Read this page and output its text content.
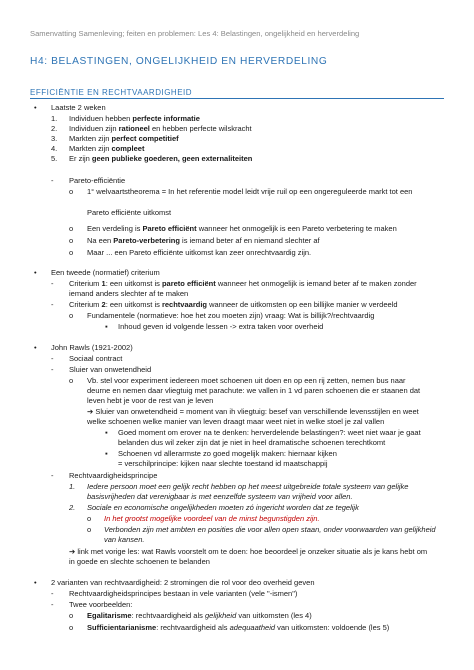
Samenvatting Samenleving; feiten en problemen: Les 4: Belastingen, ongelijkheid en herverdeling
H4: BELASTINGEN, ONGELIJKHEID EN HERVERDELING
EFFICIËNTIE EN RECHTVAARDIGHEID
• Laatste 2 weken
1. Individuen hebben perfecte informatie
2. Individuen zijn rationeel en hebben perfecte wilskracht
3. Markten zijn perfect competitief
4. Markten zijn compleet
5. Er zijn geen publieke goederen, geen externaliteiten
- Pareto-efficiëntie
o 1° welvaartstheorema = In het referentie model leidt vrije ruil op een ongereguleerde markt tot een
Pareto efficiënte uitkomst
o Een verdeling is Pareto efficiënt wanneer het onmogelijk is een Pareto verbetering te maken
o Na een Pareto-verbetering is iemand beter af en niemand slechter af
o Maar ... een Pareto efficiënte uitkomst kan zeer onrechtvaardig zijn.
• Een tweede (normatief) criterium
- Criterium 1: een uitkomst is pareto efficiënt wanneer het onmogelijk is iemand beter af te maken zonder
iemand anders slechter af te maken
- Criterium 2: een uitkomst is rechtvaardig wanneer de uitkomsten op een billijke manier w verdeeld
o Fundamentele (normatieve: hoe het zou moeten zijn) vraag: Wat is billijk?/rechtvaardig
▪ Inhoud geven id volgende lessen -> extra taken voor overheid
• John Rawls (1921-2002)
- Sociaal contract
- Sluier van onwetendheid
o Vb. stel voor experiment iedereen moet schoenen uit doen en op een rij zetten, nemen bus naar
deurne en nemen daar vliegtuig met parachute: we vallen in 1 vd paren schoenen die er staanen dat
leven hebt je voor de rest van je leven
➔ Sluier van onwetendheid = moment van ih vliegtuig: besef van verschillende levensstijlen en weet
welke schoenen welke manier van leven draagt maar weet niet in welke stoel je zal vallen
▪ Goed moment om erover na te denken: herverdelende belastingen?: weet niet waar je gaat
belanden dus wil zeker zijn dat je niet in heel dramatische schoenen terechtkomt
▪ Schoenen vd allerarmste zo goed mogelijk maken: hiernaar kijken
= verschilprincipe: kijken naar slechte toestand id maatschappij
- Rechtvaardigheidsprincipe
1. Iedere persoon moet een gelijk recht hebben op het meest uitgebreide totale systeem van gelijke
basisvrijheden dat verenigbaar is met eenzelfde systeem van vrijheid voor allen.
2. Sociale en economische ongelijkheden moeten zó ingericht worden dat ze tegelijk
o In het grootst mogelijke voordeel van de minst begunstigden zijn.
o Verbonden zijn met ambten en posities die voor allen open staan, onder voorwaarden van gelijkheid
van kansen.
➔ link met vorige les: wat Rawls voorstelt om te doen: hoe beoordeel je onzeker situatie als je kans hebt om
in goede en slechte schoenen te belanden
• 2 varianten van rechtvaardigheid: 2 stromingen die rol voor deo overheid geven
- Rechtvaardigheidsprincipes bestaan in vele varianten (vele "-ismen")
- Twee voorbeelden:
o Egalitarisme: rechtvaardigheid als gelijkheid van uitkomsten (les 4)
o Sufficientarianisme: rechtvaardigheid als adequaatheid van uitkomsten: voldoende (les 5)
